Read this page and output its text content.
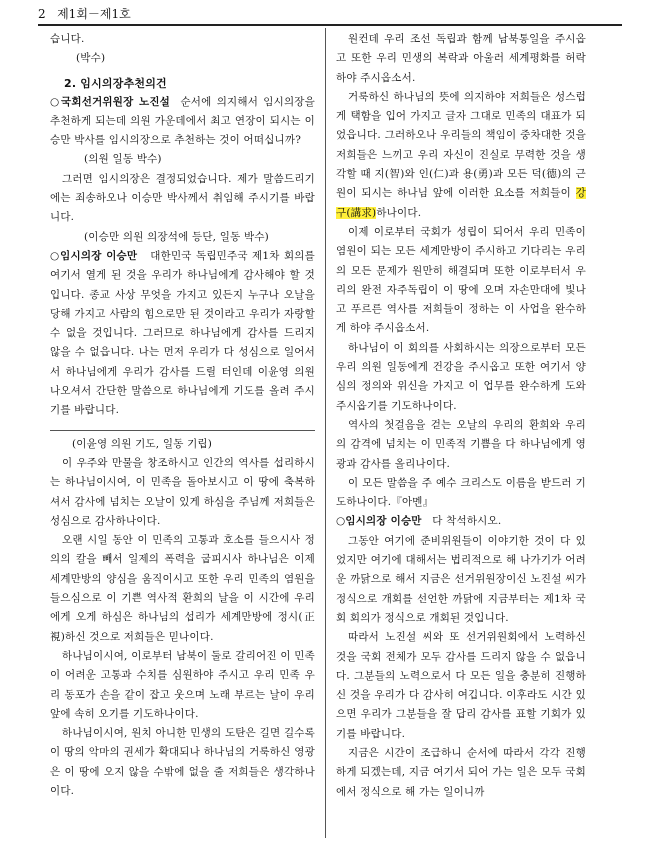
2 제1회－제1호

습니다.

(박수)

2. 임시의장추천의건

○국회선거위원장 노진설 순서에 의지해서 임시의장을 추천하게 되는데 의원 가운데에서 최고 연장이 되시는 이승만 박사를 임시의장으로 추천하는 것이 어떠십니까?

(의원 일동 박수)

그러면 임시의장은 결정되었습니다. 제가 말씀드리기에는 죄송하오나 이승만 박사께서 취임해 주시기를 바랍니다.

(이승만 의원 의장석에 등단, 일동 박수)

○임시의장 이승만 대한민국 독립민주국 제1차 회의를 여기서 열게 된 것을 우리가 하나님에게 감사해야 할 것입니다. 종교 사상 무엇을 가지고 있든지 누구나 오날을 당해 가지고 사람의 힘으로만 된 것이라고 우리가 자랑할 수 없을 것입니다. 그러므로 하나님에게 감사를 드리지 않을 수 없읍니다. 나는 먼저 우리가 다 성심으로 일어서서 하나님에게 우리가 감사를 드릴 터인데 이윤영 의원 나오셔서 간단한 말씀으로 하나님에게 기도를 올려 주시기를 바랍니다.

(이윤영 의원 기도, 일동 기립)

이 우주와 만물을 창조하시고 인간의 역사를 섭리하시는 하나님이시여, 이 민족을 돌아보시고 이 땅에 축복하셔서 감사에 넘치는 오날이 있게 하심을 주님께 저희들은 성심으로 감사하나이다.

오랜 시일 동안 이 민족의 고통과 호소를 들으시사 정의의 칼을 빼서 일제의 폭력을 굽피시사 하나님은 이제 세계만방의 양심을 움직이시고 또한 우리 민족의 염원을 들으심으로 이 기쁜 역사적 환희의 날을 이 시간에 우리에게 오게 하심은 하나님의 섭리가 세계만방에 정시(正視)하신 것으로 저희들은 믿나이다.

하나님이시여, 이로부터 남북이 둘로 갈리어진 이 민족이 어려운 고통과 수치를 심원하야 주시고 우리 민족 우리 동포가 손을 같이 잡고 웃으며 노래 부르는 날이 우리 앞에 속히 오기를 기도하나이다.

하나님이시여, 원치 아니한 민생의 도탄은 길면 길수록 이 땅의 악마의 권세가 확대되나 하나님의 거룩하신 영광은 이 땅에 오지 않을 수밖에 없을 줄 저희들은 생각하나이다.

원컨데 우리 조선 독립과 함께 남북통일을 주시옵고 또한 우리 민생의 복락과 아울러 세계평화를 허락하야 주시옵소서.

거룩하신 하나님의 뜻에 의지하야 저희들은 성스럽게 택함을 입어 가지고 글자 그대로 민족의 대표가 되었읍니다. 그러하오나 우리들의 책임이 중차대한 것을 저희들은 느끼고 우리 자신이 진실로 무력한 것을 생각할 때 지(智)와 인(仁)과 용(勇)과 모든 덕(德)의 근원이 되시는 하나님 앞에 이러한 요소를 저희들이 강구(講求)하나이다.

이제 이로부터 국회가 성립이 되어서 우리 민족이 염원이 되는 모든 세계만방이 주시하고 기다리는 우리의 모든 문제가 원만히 해결되며 또한 이로부터서 우리의 완전 자주독립이 이 땅에 오며 자손만대에 빛나고 푸르른 역사를 저희들이 정하는 이 사업을 완수하게 하야 주시옵소서.

하나님이 이 회의를 사회하시는 의장으로부터 모든 우리 의원 일동에게 건강을 주시옵고 또한 여기서 양심의 정의와 위신을 가지고 이 업무를 완수하게 도와주시옵기를 기도하나이다.

역사의 첫걸음을 걷는 오날의 우리의 환희와 우리의 감격에 넘치는 이 민족적 기쁨을 다 하나님에게 영광과 감사를 올리나이다.

이 모든 말씀을 주 예수 크리스도 이름을 받드러 기도하나이다.『아멘』

○임시의장 이승만 다 착석하시오.

그동안 여기에 준비위원들이 이야기한 것이 다 있었지만 여기에 대해서는 법리적으로 해 나가기가 어려운 까닭으로 해서 지금은 선거위원장이신 노진설 씨가 정식으로 개회를 선언한 까닭에 지금부터는 제1차 국회 회의가 정식으로 개회된 것입니다.

따라서 노진설 씨와 또 선거위원회에서 노력하신 것을 국회 전체가 모두 감사를 드리지 않을 수 없읍니다. 그분들의 노력으로서 다 모든 일을 충분히 진행하신 것을 우리가 다 감사히 여깁니다. 이후라도 시간 있으면 우리가 그분들을 잘 답리 감사를 표할 기회가 있기를 바랍니다.

지금은 시간이 조급하니 순서에 따라서 각각 진행하게 되겠는데, 지금 여기서 되어 가는 일은 모두 국회에서 정식으로 해 가는 일이니까
